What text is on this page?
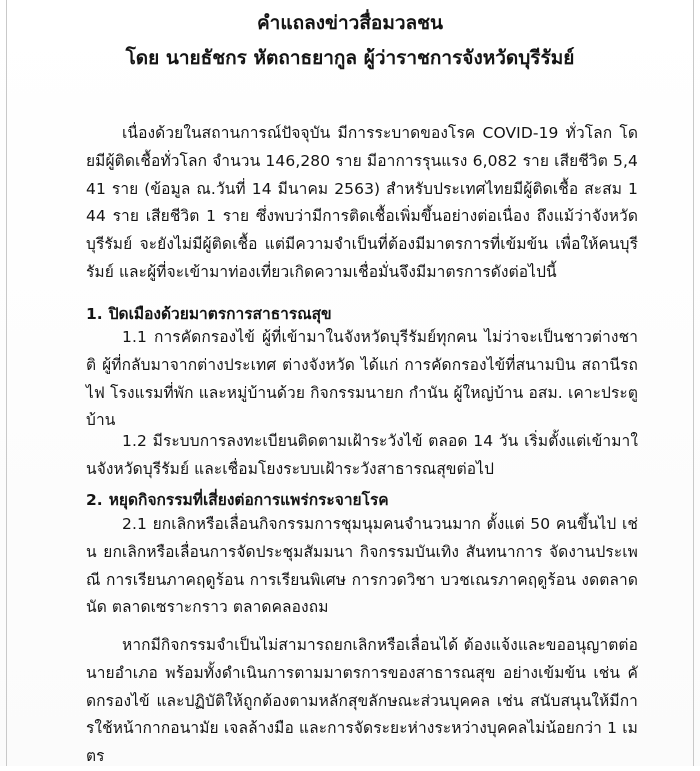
คำแถลงข่าวสื่อมวลชน
โดย นายธัชกร หัตถาธยากูล ผู้ว่าราชการจังหวัดบุรีรัมย์
เนื่องด้วยในสถานการณ์ปัจจุบัน มีการระบาดของโรค COVID-19 ทั่วโลก โดยมีผู้ติดเชื้อทั่วโลก จำนวน 146,280 ราย มีอาการรุนแรง 6,082 ราย เสียชีวิต 5,441 ราย (ข้อมูล ณ.วันที่ 14 มีนาคม 2563) สำหรับประเทศไทยมีผู้ติดเชื้อ สะสม 144 ราย เสียชีวิต 1 ราย ซึ่งพบว่ามีการติดเชื้อเพิ่มขึ้นอย่างต่อเนื่อง ถึงแม้ว่าจังหวัดบุรีรัมย์ จะยังไม่มีผู้ติดเชื้อ แต่มีความจำเป็นที่ต้องมีมาตรการที่เข้มข้น เพื่อให้คนบุรีรัมย์ และผู้ที่จะเข้ามาท่องเที่ยวเกิดความเชื่อมั่นจึงมีมาตรการดังต่อไปนี้
1. ปิดเมืองด้วยมาตรการสาธารณสุข
1.1 การคัดกรองไข้ ผู้ที่เข้ามาในจังหวัดบุรีรัมย์ทุกคน ไม่ว่าจะเป็นชาวต่างชาติ ผู้ที่กลับมาจากต่างประเทศ ต่างจังหวัด ได้แก่ การคัดกรองไข้ที่สนามบิน สถานีรถไฟ โรงแรมที่พัก และหมู่บ้านด้วย กิจกรรมนายก กำนัน ผู้ใหญ่บ้าน อสม. เคาะประตูบ้าน
1.2 มีระบบการลงทะเบียนติดตามเฝ้าระวังไข้ ตลอด 14 วัน เริ่มตั้งแต่เข้ามาในจังหวัดบุรีรัมย์ และเชื่อมโยงระบบเฝ้าระวังสาธารณสุขต่อไป
2. หยุดกิจกรรมที่เสี่ยงต่อการแพร่กระจายโรค
2.1 ยกเลิกหรือเลื่อนกิจกรรมการชุมนุมคนจำนวนมาก ตั้งแต่ 50 คนขึ้นไป เช่น ยกเลิกหรือเลื่อนการจัดประชุมสัมมนา กิจกรรมบันเทิง สันทนาการ จัดงานประเพณี การเรียนภาคฤดูร้อน การเรียนพิเศษ การกวดวิชา บวชเณรภาคฤดูร้อน งดตลาดนัด ตลาดเซราะกราว ตลาดคลองถม
หากมีกิจกรรมจำเป็นไม่สามารถยกเลิกหรือเลื่อนได้ ต้องแจ้งและขออนุญาตต่อนายอำเภอ พร้อมทั้งดำเนินการตามมาตรการของสาธารณสุข อย่างเข้มข้น เช่น คัดกรองไข้ และปฏิบัติให้ถูกต้องตามหลักสุขลักษณะส่วนบุคคล เช่น สนับสนุนให้มีการใช้หน้ากากอนามัย เจลล้างมือ และการจัดระยะห่างระหว่างบุคคลไม่น้อยกว่า 1 เมตร
